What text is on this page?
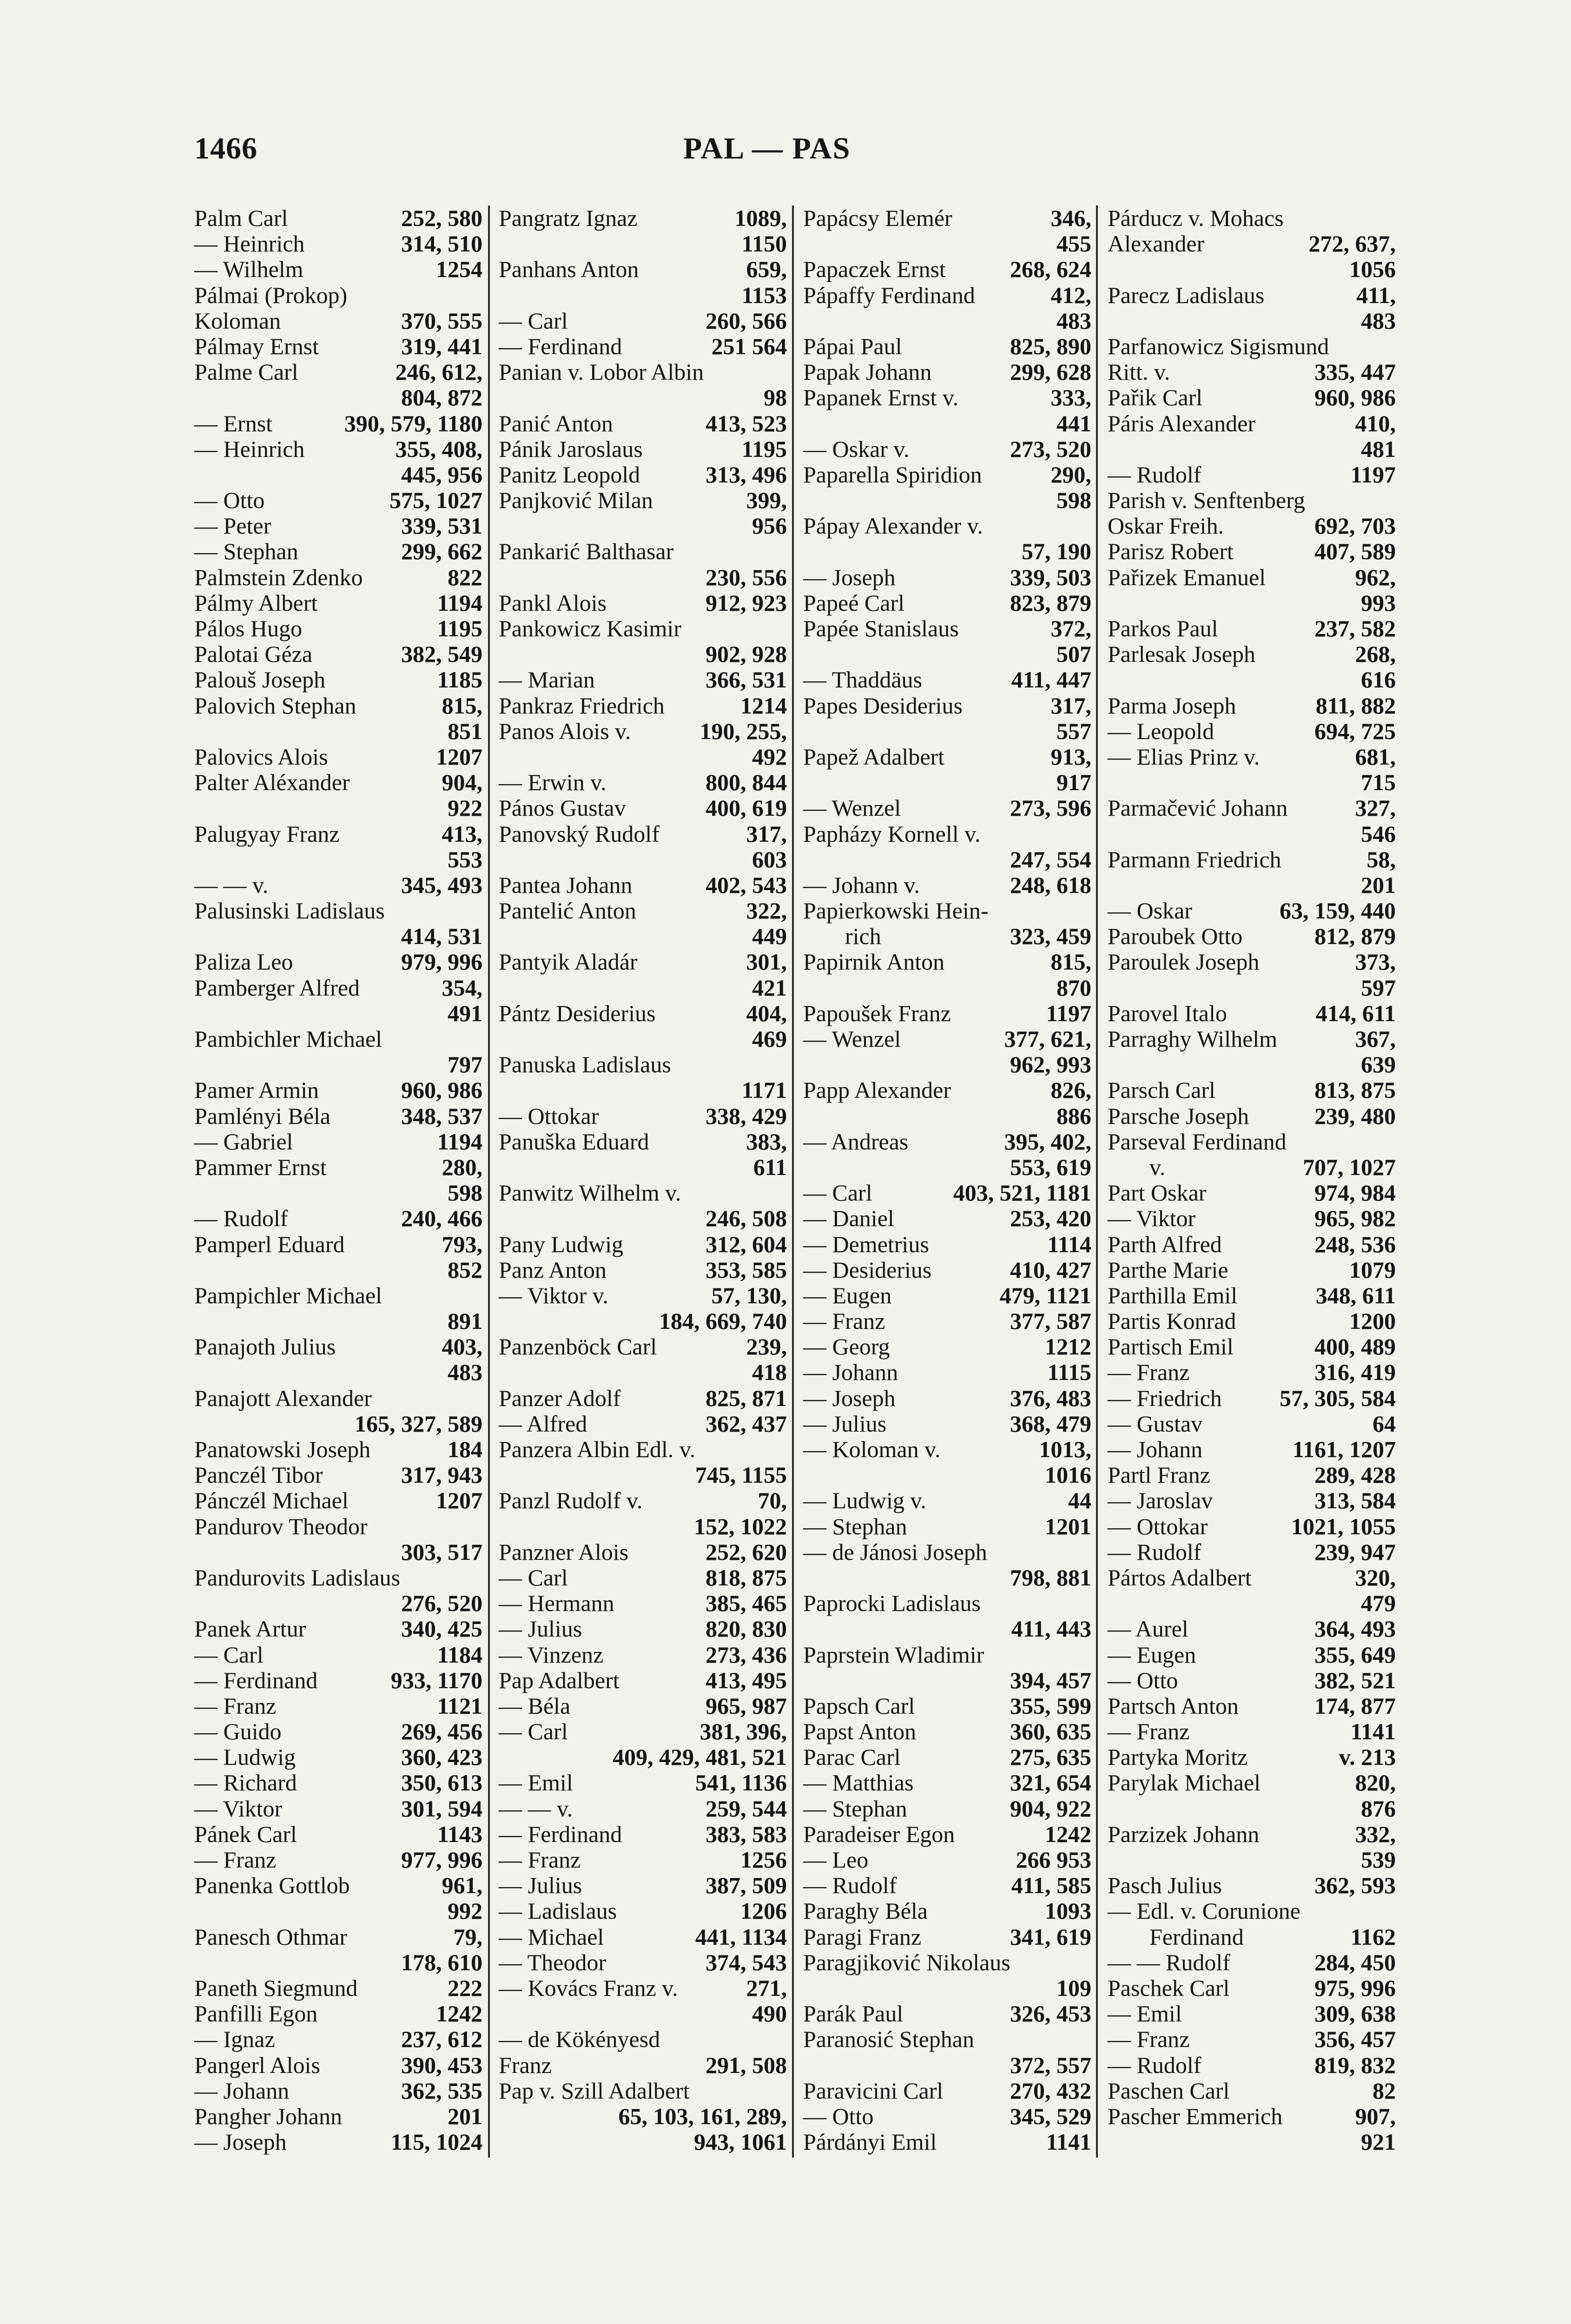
1466	PAL — PAS
Palm Carl	252, 580
— Heinrich	314, 510
— Wilhelm	1254
Pálmai (Prokop)
Koloman	370, 555
Pálmay Ernst	319, 441
Palme Carl	246, 612,
804, 872
— Ernst	390, 579, 1180
— Heinrich	355, 408,
445, 956
— Otto	575, 1027
— Peter	339, 531
— Stephan	299, 662
Palmstein Zdenko	822
Pálmy Albert	1194
Pálos Hugo	1195
Palotai Géza	382, 549
Palouš Joseph	1185
Palovich Stephan	815,
851
Palovics Alois	1207
Palter Aléxander	904,
922
Palugyay Franz	413,
553
— — v.	345, 493
Palusinski Ladislaus
414, 531
Paliza Leo	979, 996
Pamberger Alfred	354,
491
Pambichler Michael
797
Pamer Armin	960, 986
Pamlényi Béla	348, 537
— Gabriel	1194
Pammer Ernst	280,
598
— Rudolf	240, 466
Pamperl Eduard	793,
852
Pampichler Michael
891
Panajoth Julius	403,
483
Panajott Alexander
165, 327, 589
Panatowski Joseph	184
Panczél Tibor	317, 943
Pánczél Michael	1207
Pandurov Theodor
303, 517
Pandurovits Ladislaus
276, 520
Panek Artur	340, 425
— Carl	1184
— Ferdinand	933, 1170
— Franz	1121
— Guido	269, 456
— Ludwig	360, 423
— Richard	350, 613
— Viktor	301, 594
Pánek Carl	1143
— Franz	977, 996
Panenka Gottlob	961,
992
Panesch Othmar	79,
178, 610
Paneth Siegmund	222
Panfilli Egon	1242
— Ignaz	237, 612
Pangerl Alois	390, 453
— Johann	362, 535
Pangher Johann	201
— Joseph	115, 1024
Pangratz Ignaz	1089,
1150
Panhans Anton	659,
1153
— Carl	260, 566
— Ferdinand	251 564
Panian v. Lobor Albin
98
Panić Anton	413, 523
Pánik Jaroslaus	1195
Panitz Leopold	313, 496
Panjković Milan	399,
956
Pankarić Balthasar
230, 556
Pankl Alois	912, 923
Pankowicz Kasimir
902, 928
— Marian	366, 531
Pankraz Friedrich	1214
Panos Alois v.	190, 255,
492
— Erwin v.	800, 844
Pános Gustav	400, 619
Panovský Rudolf	317,
603
Pantea Johann	402, 543
Pantelić Anton	322,
449
Pantyik Aladár	301,
421
Pántz Desiderius	404,
469
Panuska Ladislaus
1171
— Ottokar	338, 429
Panuška Eduard	383,
611
Panwitz Wilhelm v.
246, 508
Pany Ludwig	312, 604
Panz Anton	353, 585
— Viktor v.	57, 130,
184, 669, 740
Panzenböck Carl	239,
418
Panzer Adolf	825, 871
— Alfred	362, 437
Panzera Albin Edl. v.
745, 1155
Panzl Rudolf v.	70,
152, 1022
Panzner Alois	252, 620
— Carl	818, 875
— Hermann	385, 465
— Julius	820, 830
— Vinzenz	273, 436
Pap Adalbert	413, 495
— Béla	965, 987
— Carl	381, 396,
409, 429, 481, 521
— Emil	541, 1136
— — v.	259, 544
— Ferdinand	383, 583
— Franz	1256
— Julius	387, 509
— Ladislaus	1206
— Michael	441, 1134
— Theodor	374, 543
— Kovács Franz v.	271,
490
— de Kökényesd
Franz	291, 508
Pap v. Szill Adalbert
65, 103, 161, 289,
943, 1061
Papácsy Elemér	346,
455
Papaczek Ernst	268, 624
Pápaffy Ferdinand	412,
483
Pápai Paul	825, 890
Papak Johann	299, 628
Papanek Ernst v.	333,
441
— Oskar v.	273, 520
Paparella Spiridion	290,
598
Pápay Alexander v.
57, 190
— Joseph	339, 503
Papeé Carl	823, 879
Papée Stanislaus	372,
507
— Thaddäus	411, 447
Papes Desiderius	317,
557
Papež Adalbert	913,
917
— Wenzel	273, 596
Papházy Kornell v.
247, 554
— Johann v.	248, 618
Papierkowski Hein-
rich	323, 459
Papirnik Anton	815,
870
Papoušek Franz	1197
— Wenzel	377, 621,
962, 993
Papp Alexander	826,
886
— Andreas	395, 402,
553, 619
— Carl	403, 521, 1181
— Daniel	253, 420
— Demetrius	1114
— Desiderius	410, 427
— Eugen	479, 1121
— Franz	377, 587
— Georg	1212
— Johann	1115
— Joseph	376, 483
— Julius	368, 479
— Koloman v.	1013,
1016
— Ludwig v.	44
— Stephan	1201
— de Jánosi Joseph
798, 881
Paprocki Ladislaus
411, 443
Paprstein Wladimir
394, 457
Papsch Carl	355, 599
Papst Anton	360, 635
Parac Carl	275, 635
— Matthias	321, 654
— Stephan	904, 922
Paradeiser Egon	1242
— Leo	266 953
— Rudolf	411, 585
Paraghy Béla	1093
Paragi Franz	341, 619
Paragjiković Nikolaus
109
Parák Paul	326, 453
Paranosić Stephan
372, 557
Paravicini Carl	270, 432
— Otto	345, 529
Párdányi Emil	1141
Párducz v. Mohacs
Alexander	272, 637,
1056
Parecz Ladislaus	411,
483
Parfanowicz Sigismund
Ritt. v.	335, 447
Pařik Carl	960, 986
Páris Alexander	410,
481
— Rudolf	1197
Parish v. Senftenberg
Oskar Freih.	692, 703
Parisz Robert	407, 589
Pařizek Emanuel	962,
993
Parkos Paul	237, 582
Parlesak Joseph	268,
616
Parma Joseph	811, 882
— Leopold	694, 725
— Elias Prinz v.	681,
715
Parmačević Johann	327,
546
Parmann Friedrich	58,
201
— Oskar	63, 159, 440
Paroubek Otto	812, 879
Paroulek Joseph	373,
597
Parovel Italo	414, 611
Parraghy Wilhelm	367,
639
Parsch Carl	813, 875
Parsche Joseph	239, 480
Parseval Ferdinand
v.	707, 1027
Part Oskar	974, 984
— Viktor	965, 982
Parth Alfred	248, 536
Parthe Marie	1079
Parthilla Emil	348, 611
Partis Konrad	1200
Partisch Emil	400, 489
— Franz	316, 419
— Friedrich 57, 305, 584
— Gustav	64
— Johann	1161, 1207
Partl Franz	289, 428
— Jaroslav	313, 584
— Ottokar	1021, 1055
— Rudolf	239, 947
Pártos Adalbert	320,
479
— Aurel	364, 493
— Eugen	355, 649
— Otto	382, 521
Partsch Anton	174, 877
— Franz	1141
Partyka Moritz	v. 213
Parylak Michael	820,
876
Parzizek Johann	332,
539
Pasch Julius	362, 593
— Edl. v. Corunione
Ferdinand	1162
— — Rudolf	284, 450
Paschek Carl	975, 996
— Emil	309, 638
— Franz	356, 457
— Rudolf	819, 832
Paschen Carl	82
Pascher Emmerich	907,
921
